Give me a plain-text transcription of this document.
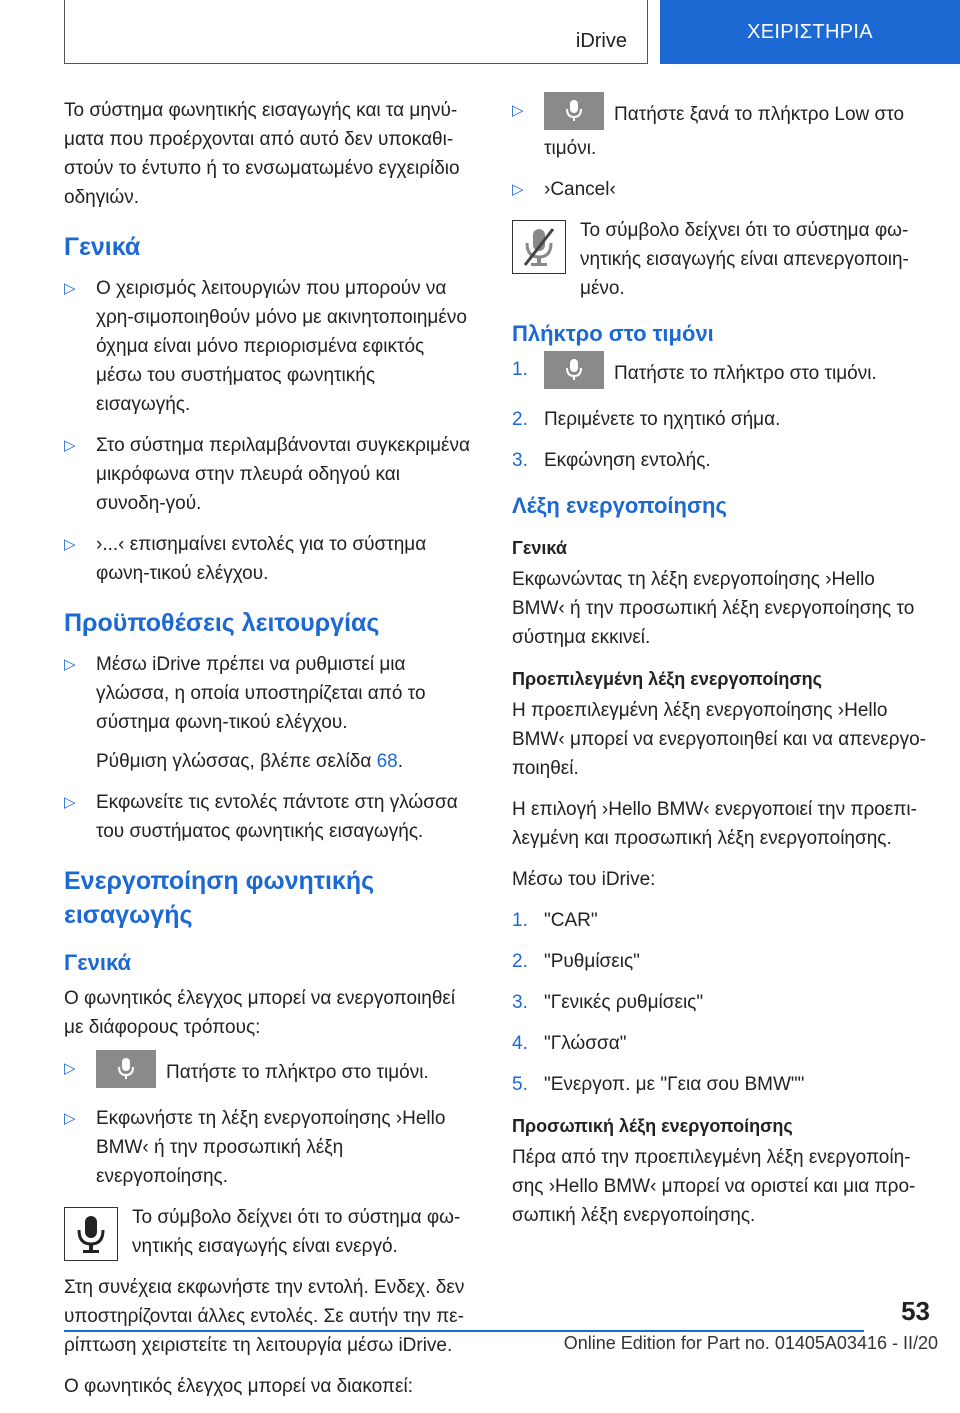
iDrive	ΧΕΙΡΙΣΤΗΡΙΑ

Το σύστημα φωνητικής εισαγωγής και τα μηνύ-ματα που προέρχονται από αυτό δεν υποκαθι-στούν το έντυπο ή το ενσωματωμένο εγχειρίδιο οδηγιών.

Γενικά
▷ Ο χειρισμός λειτουργιών που μπορούν να χρη-σιμοποιηθούν μόνο με ακινητοποιημένο όχημα είναι μόνο περιορισμένα εφικτός μέσω του συστήματος φωνητικής εισαγωγής.
▷ Στο σύστημα περιλαμβάνονται συγκεκριμένα μικρόφωνα στην πλευρά οδηγού και συνοδη-γού.
▷ ›...‹ επισημαίνει εντολές για το σύστημα φωνη-τικού ελέγχου.
Προϋποθέσεις λειτουργίας
▷ Μέσω iDrive πρέπει να ρυθμιστεί μια γλώσσα, η οποία υποστηρίζεται από το σύστημα φωνη-τικού ελέγχου.
Ρύθμιση γλώσσας, βλέπε σελίδα 68.
▷ Εκφωνείτε τις εντολές πάντοτε στη γλώσσα του συστήματος φωνητικής εισαγωγής.
Ενεργοποίηση φωνητικής εισαγωγής
Γενικά

Ο φωνητικός έλεγχος μπορεί να ενεργοποιηθεί με διάφορους τρόπους:

▷	Πατήστε το πλήκτρο στο τιμόνι.
▷ Εκφωνήστε τη λέξη ενεργοποίησης ›Hello BMW‹ ή την προσωπική λέξη ενεργοποίησης.
Το σύμβολο δείχνει ότι το σύστημα φω-νητικής εισαγωγής είναι ενεργό.

Στη συνέχεια εκφωνήστε την εντολή. Ενδεχ. δεν υποστηρίζονται άλλες εντολές. Σε αυτήν την πε-ρίπτωση χειριστείτε τη λειτουργία μέσω iDrive.

Ο φωνητικός έλεγχος μπορεί να διακοπεί:

▷	Πατήστε ξανά το πλήκτρο Low στο τιμόνι.
▷ ›Cancel‹
Το σύμβολο δείχνει ότι το σύστημα φω-νητικής εισαγωγής είναι απενεργοποιη-μένο.
Πλήκτρο στο τιμόνι
1.	Πατήστε το πλήκτρο στο τιμόνι.
2. Περιμένετε το ηχητικό σήμα.
3. Εκφώνηση εντολής.
Λέξη ενεργοποίησης
Γενικά

Εκφωνώντας τη λέξη ενεργοποίησης ›Hello BMW‹ ή την προσωπική λέξη ενεργοποίησης το σύστημα εκκινεί.

Προεπιλεγμένη λέξη ενεργοποίησης

Η προεπιλεγμένη λέξη ενεργοποίησης ›Hello BMW‹ μπορεί να ενεργοποιηθεί και να απενεργο-ποιηθεί.

Η επιλογή ›Hello BMW‹ ενεργοποιεί την προεπι-λεγμένη και προσωπική λέξη ενεργοποίησης.

Μέσω του iDrive:

1. "CAR"
2. "Ρυθμίσεις"
3. "Γενικές ρυθμίσεις"
4. "Γλώσσα"
5. "Ενεργοπ. με "Γεια σου BMW""
Προσωπική λέξη ενεργοποίησης

Πέρα από την προεπιλεγμένη λέξη ενεργοποίη-σης ›Hello BMW‹ μπορεί να οριστεί και μια προ-σωπική λέξη ενεργοποίησης.

53
Online Edition for Part no. 01405A03416 - II/20
